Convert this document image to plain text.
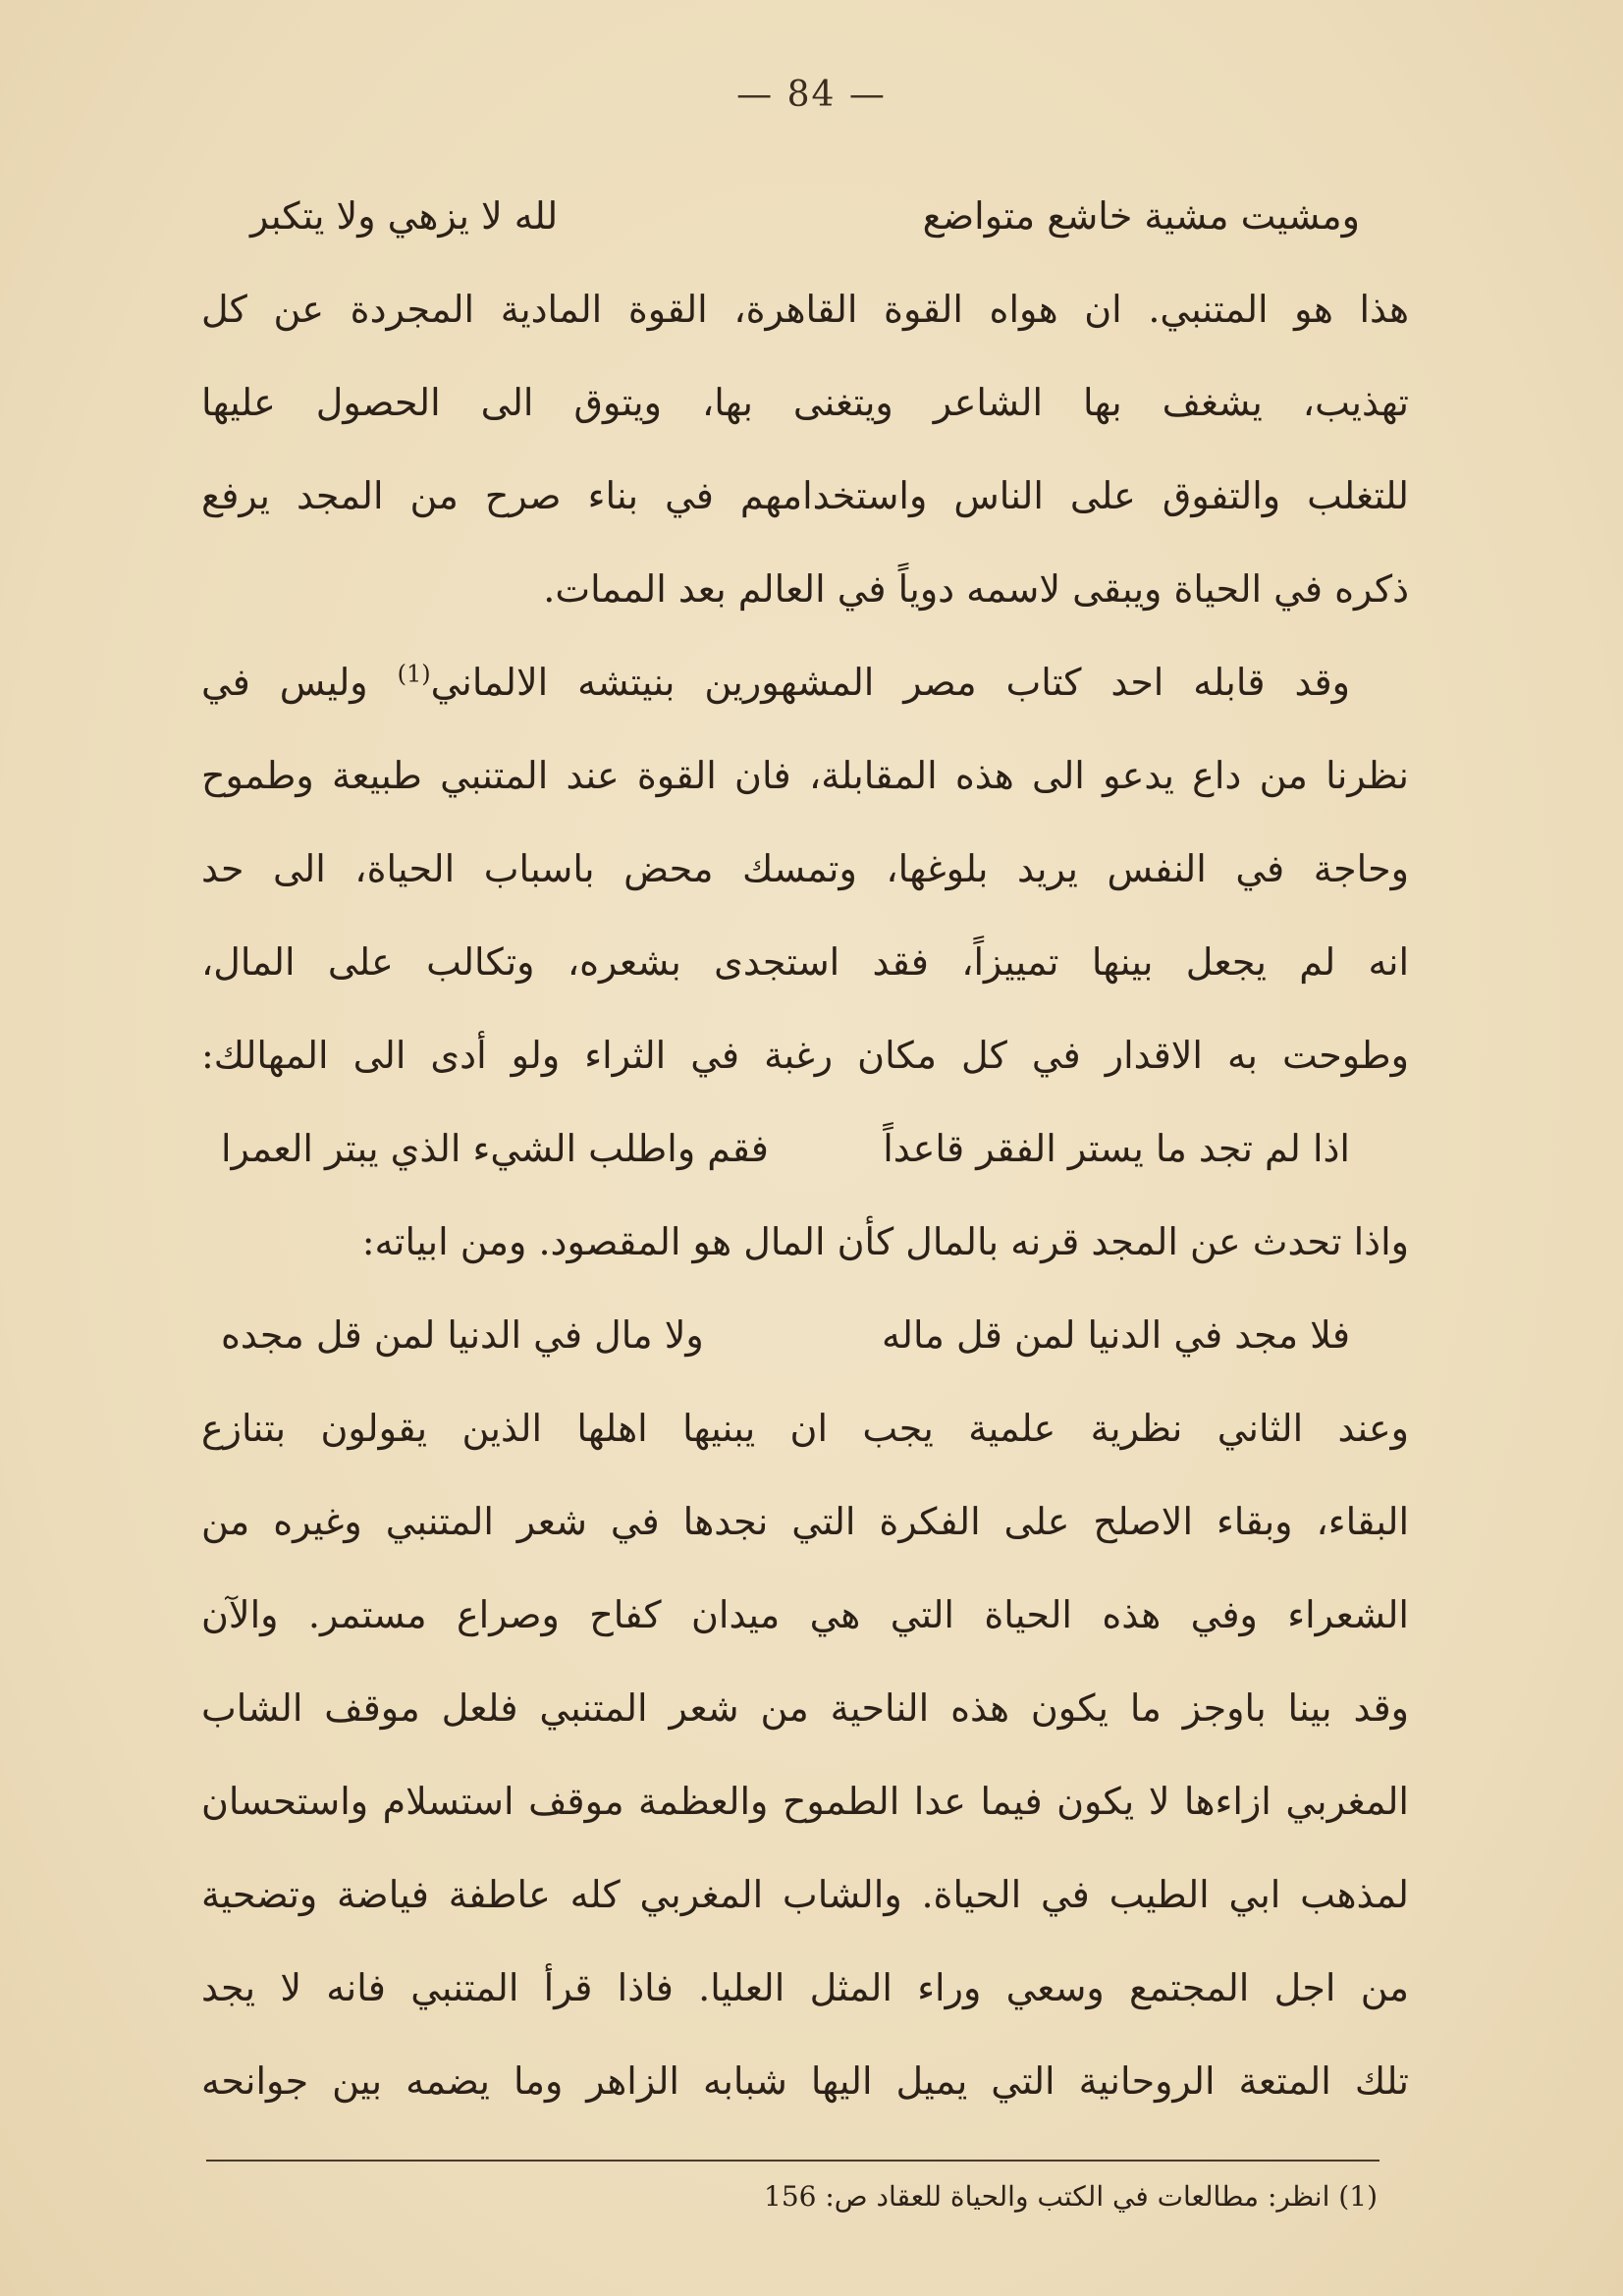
— 84 —
ومشيت مشية خاشع متواضع
لله لا يزهي ولا يتكبر
هذا هو المتنبي. ان هواه القوة القاهرة، القوة المادية المجردة عن كل
تهذيب، يشغف بها الشاعر ويتغنى بها، ويتوق الى الحصول عليها
للتغلب والتفوق على الناس واستخدامهم في بناء صرح من المجد يرفع
ذكره في الحياة ويبقى لاسمه دوياً في العالم بعد الممات.
وقد قابله احد كتاب مصر المشهورين بنيتشه الالماني$^{(1)}$ وليس في
نظرنا من داع يدعو الى هذه المقابلة، فان القوة عند المتنبي طبيعة وطموح
وحاجة في النفس يريد بلوغها، وتمسك محض باسباب الحياة، الى حد
انه لم يجعل بينها تمييزاً، فقد استجدى بشعره، وتكالب على المال،
وطوحت به الاقدار في كل مكان رغبة في الثراء ولو أدى الى المهالك:
اذا لم تجد ما يستر الفقر قاعداً
فقم واطلب الشيء الذي يبتر العمرا
واذا تحدث عن المجد قرنه بالمال كأن المال هو المقصود. ومن ابياته:
فلا مجد في الدنيا لمن قل ماله
ولا مال في الدنيا لمن قل مجده
وعند الثاني نظرية علمية يجب ان يبنيها اهلها الذين يقولون بتنازع
البقاء، وبقاء الاصلح على الفكرة التي نجدها في شعر المتنبي وغيره من
الشعراء وفي هذه الحياة التي هي ميدان كفاح وصراع مستمر. والآن
وقد بينا باوجز ما يكون هذه الناحية من شعر المتنبي فلعل موقف الشاب
المغربي ازاءها لا يكون فيما عدا الطموح والعظمة موقف استسلام واستحسان
لمذهب ابي الطيب في الحياة. والشاب المغربي كله عاطفة فياضة وتضحية
من اجل المجتمع وسعي وراء المثل العليا. فاذا قرأ المتنبي فانه لا يجد
تلك المتعة الروحانية التي يميل اليها شبابه الزاهر وما يضمه بين جوانحه
(1) انظر: مطالعات في الكتب والحياة للعقاد ص: 156
